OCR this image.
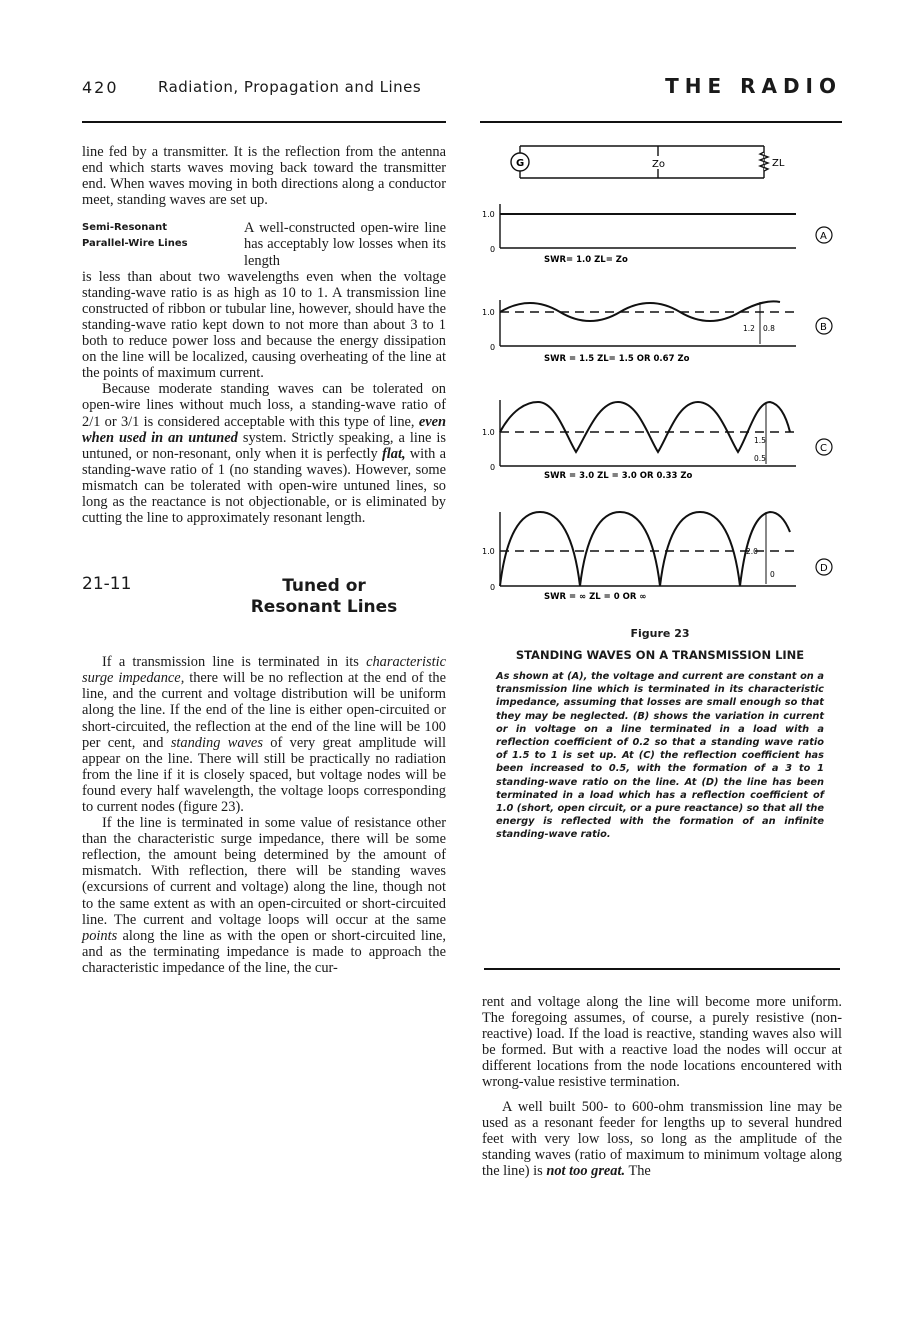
420	Radiation, Propagation and Lines	THE RADIO

line fed by a transmitter. It is the reflection from the antenna end which starts waves moving back toward the transmitter end. When waves moving in both directions along a conductor meet, standing waves are set up.

Semi-Resonant
Parallel-Wire Lines
A well-constructed open-wire line has acceptably low losses when its length

is less than about two wavelengths even when the voltage standing-wave ratio is as high as 10 to 1. A transmission line constructed of ribbon or tubular line, however, should have the standing-wave ratio kept down to not more than about 3 to 1 both to reduce power loss and because the energy dissipation on the line will be localized, causing overheating of the line at the points of maximum current.

Because moderate standing waves can be tolerated on open-wire lines without much loss, a standing-wave ratio of 2/1 or 3/1 is considered acceptable with this type of line, even when used in an untuned system. Strictly speaking, a line is untuned, or non-resonant, only when it is perfectly flat, with a standing-wave ratio of 1 (no standing waves). However, some mismatch can be tolerated with open-wire untuned lines, so long as the reactance is not objectionable, or is eliminated by cutting the line to approximately resonant length.

21-11	Tuned or
Resonant Lines

If a transmission line is terminated in its characteristic surge impedance, there will be no reflection at the end of the line, and the current and voltage distribution will be uniform along the line. If the end of the line is either open-circuited or short-circuited, the reflection at the end of the line will be 100 per cent, and standing waves of very great amplitude will appear on the line. There will still be practically no radiation from the line if it is closely spaced, but voltage nodes will be found every half wavelength, the voltage loops corresponding to current nodes (figure 23).

If the line is terminated in some value of resistance other than the characteristic surge impedance, there will be some reflection, the amount being determined by the amount of mismatch. With reflection, there will be standing waves (excursions of current and voltage) along the line, though not to the same extent as with an open-circuited or short-circuited line. The current and voltage loops will occur at the same points along the line as with the open or short-circuited line, and as the terminating impedance is made to approach the characteristic impedance of the line, the cur-

G	Zo	ZL
1.0
0
SWR= 1.0 ZL= Zo
A
1.0
0
1.2 0.8
SWR = 1.5 ZL= 1.5 OR 0.67 Zo
B
1.0
0
1.5
0.5
SWR = 3.0 ZL = 3.0 OR 0.33 Zo
C
1.0
0
2.0
0
SWR = ∞ ZL = 0 OR ∞
D
Figure 23
STANDING WAVES ON A TRANSMISSION LINE
As shown at (A), the voltage and current are constant on a transmission line which is terminated in its characteristic impedance, assuming that losses are small enough so that they may be neglected. (B) shows the variation in current or in voltage on a line terminated in a load with a reflection coefficient of 0.2 so that a standing wave ratio of 1.5 to 1 is set up. At (C) the reflection coefficient has been increased to 0.5, with the formation of a 3 to 1 standing-wave ratio on the line. At (D) the line has been terminated in a load which has a reflection coefficient of 1.0 (short, open circuit, or a pure reactance) so that all the energy is reflected with the formation of an infinite standing-wave ratio.

rent and voltage along the line will become more uniform. The foregoing assumes, of course, a purely resistive (non-reactive) load. If the load is reactive, standing waves also will be formed. But with a reactive load the nodes will occur at different locations from the node locations encountered with wrong-value resistive termination.

A well built 500- to 600-ohm transmission line may be used as a resonant feeder for lengths up to several hundred feet with very low loss, so long as the amplitude of the standing waves (ratio of maximum to minimum voltage along the line) is not too great. The
